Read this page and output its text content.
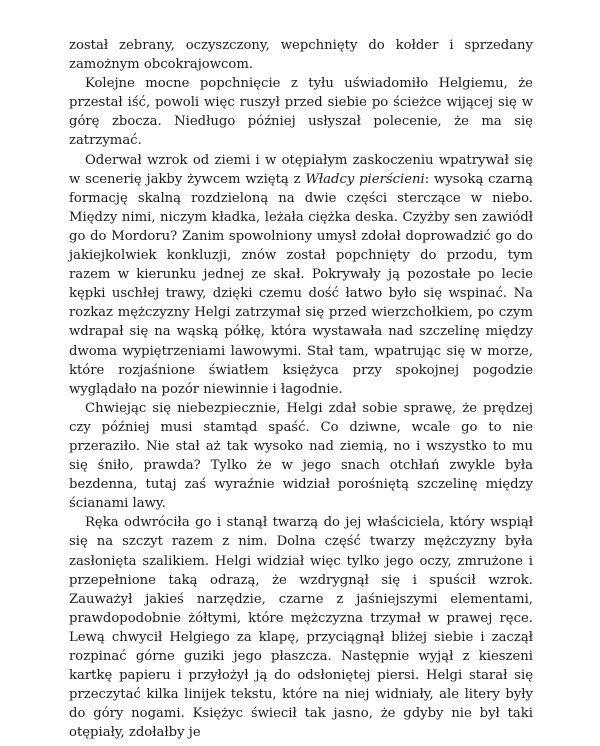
został zebrany, oczyszczony, wepchnięty do kołder i sprzedany zamożnym obcokrajowcom.

Kolejne mocne popchnięcie z tyłu uświadomiło Helgiemu, że przestał iść, powoli więc ruszył przed siebie po ścieżce wijącej się w górę zbocza. Niedługo później usłyszał polecenie, że ma się zatrzymać.

Oderwał wzrok od ziemi i w otępiałym zaskoczeniu wpatrywał się w scenerię jakby żywcem wziętą z Władcy pierścieni: wysoką czarną formację skalną rozdzieloną na dwie części sterczące w niebo. Między nimi, niczym kładka, leżała ciężka deska. Czyżby sen zawiódł go do Mordoru? Zanim spowolniony umysł zdołał doprowadzić go do jakiejkolwiek konkluzji, znów został popchnięty do przodu, tym razem w kierunku jednej ze skał. Pokrywały ją pozostałe po lecie kępki uschłej trawy, dzięki czemu dość łatwo było się wspinać. Na rozkaz mężczyzny Helgi zatrzymał się przed wierzchołkiem, po czym wdrapał się na wąską półkę, która wystawała nad szczelinę między dwoma wypiętrzeniami lawowymi. Stał tam, wpatrując się w morze, które rozjaśnione światłem księżyca przy spokojnej pogodzie wyglądało na pozór niewinnie i łagodnie.

Chwiejąc się niebezpiecznie, Helgi zdał sobie sprawę, że prędzej czy później musi stamtąd spaść. Co dziwne, wcale go to nie przeraziło. Nie stał aż tak wysoko nad ziemią, no i wszystko to mu się śniło, prawda? Tylko że w jego snach otchłań zwykle była bezdenna, tutaj zaś wyraźnie widział porośniętą szczelinę między ścianami lawy.

Ręka odwróciła go i stanął twarzą do jej właściciela, który wspiął się na szczyt razem z nim. Dolna część twarzy mężczyzny była zasłonięta szalikiem. Helgi widział więc tylko jego oczy, zmrużone i przepełnione taką odrazą, że wzdrygnął się i spuścił wzrok. Zauważył jakieś narzędzie, czarne z jaśniejszymi elementami, prawdopodobnie żółtymi, które mężczyzna trzymał w prawej ręce. Lewą chwycił Helgiego za klapę, przyciągnął bliżej siebie i zaczął rozpinać górne guziki jego płaszcza. Następnie wyjął z kieszeni kartkę papieru i przyłożył ją do odsłoniętej piersi. Helgi starał się przeczytać kilka linijek tekstu, które na niej widniały, ale litery były do góry nogami. Księżyc świecił tak jasno, że gdyby nie był taki otępiały, zdołałby je
